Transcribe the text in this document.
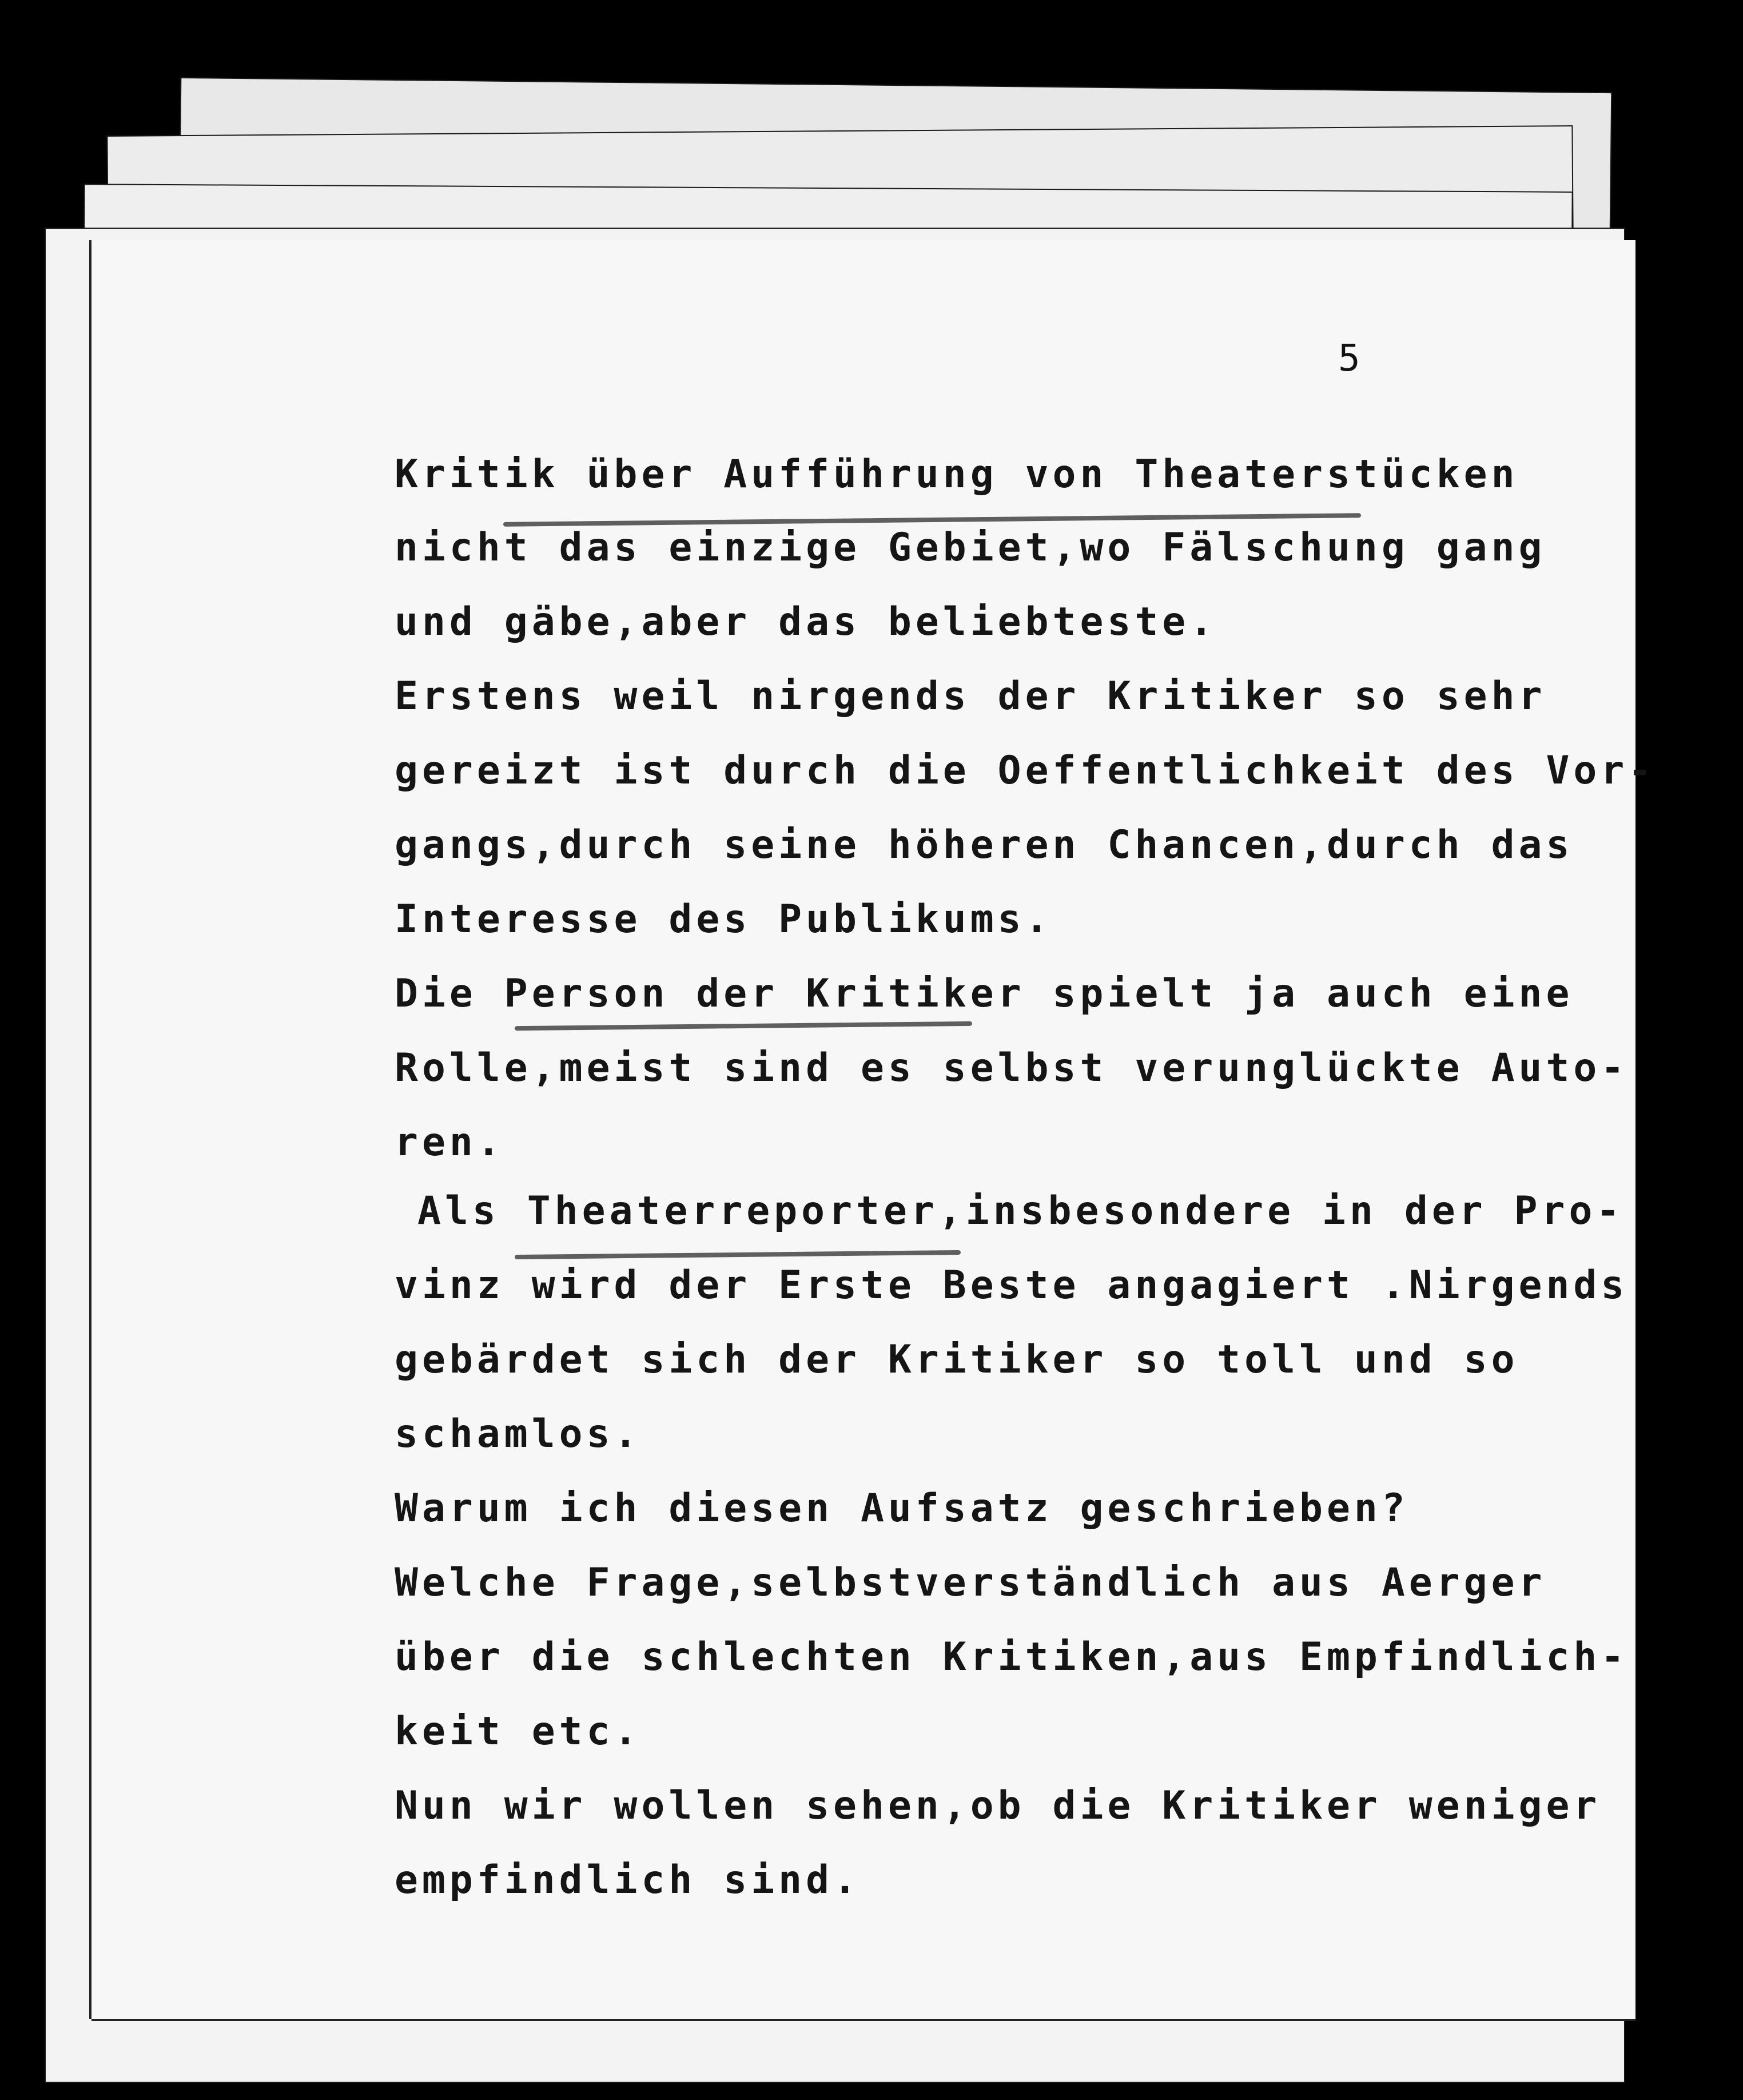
5

Kritik über Aufführung von Theaterstücken

nicht das einzige Gebiet,wo Fälschung gang

und gäbe,aber das beliebteste.

Erstens weil nirgends der Kritiker so sehr

gereizt ist durch die Oeffentlichkeit des Vor-

gangs,durch seine höheren Chancen,durch das

Interesse des Publikums.

Die Person der Kritiker spielt ja auch eine

Rolle,meist sind es selbst verunglückte Auto-

ren.

Als Theaterreporter,insbesondere in der Pro-

vinz wird der Erste Beste angagiert .Nirgends

gebärdet sich der Kritiker so toll und so

schamlos.

Warum ich diesen Aufsatz geschrieben?

Welche Frage,selbstverständlich aus Aerger

über die schlechten Kritiken,aus Empfindlich-

keit etc.

Nun wir wollen sehen,ob die Kritiker weniger

empfindlich sind.
